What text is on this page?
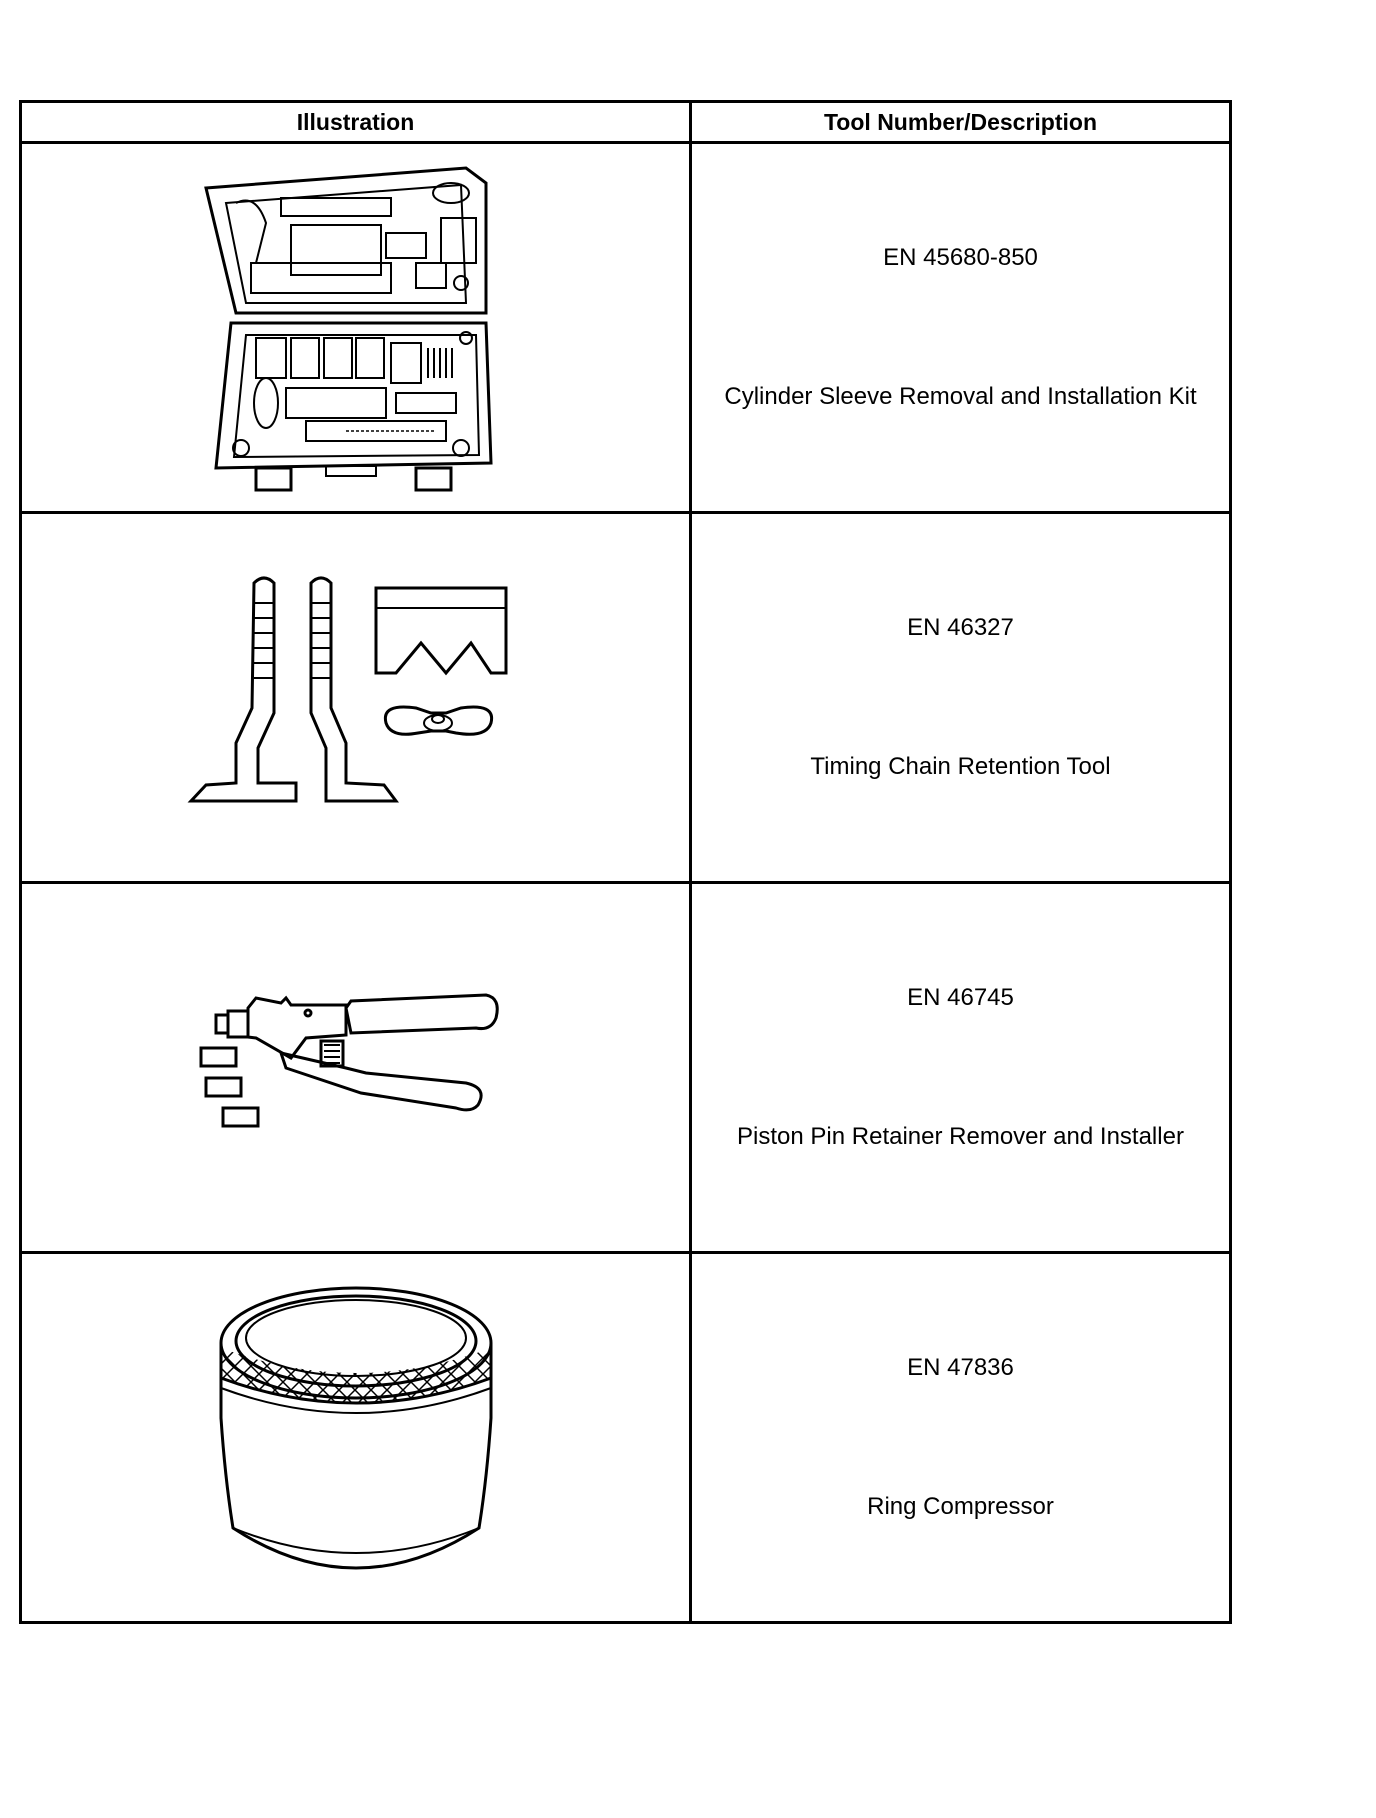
Illustration	Tool Number/Description

EN 45680-850
Cylinder Sleeve Removal and Installation Kit

EN 46327
Timing Chain Retention Tool

EN 46745
Piston Pin Retainer Remover and Installer

EN 47836
Ring Compressor
